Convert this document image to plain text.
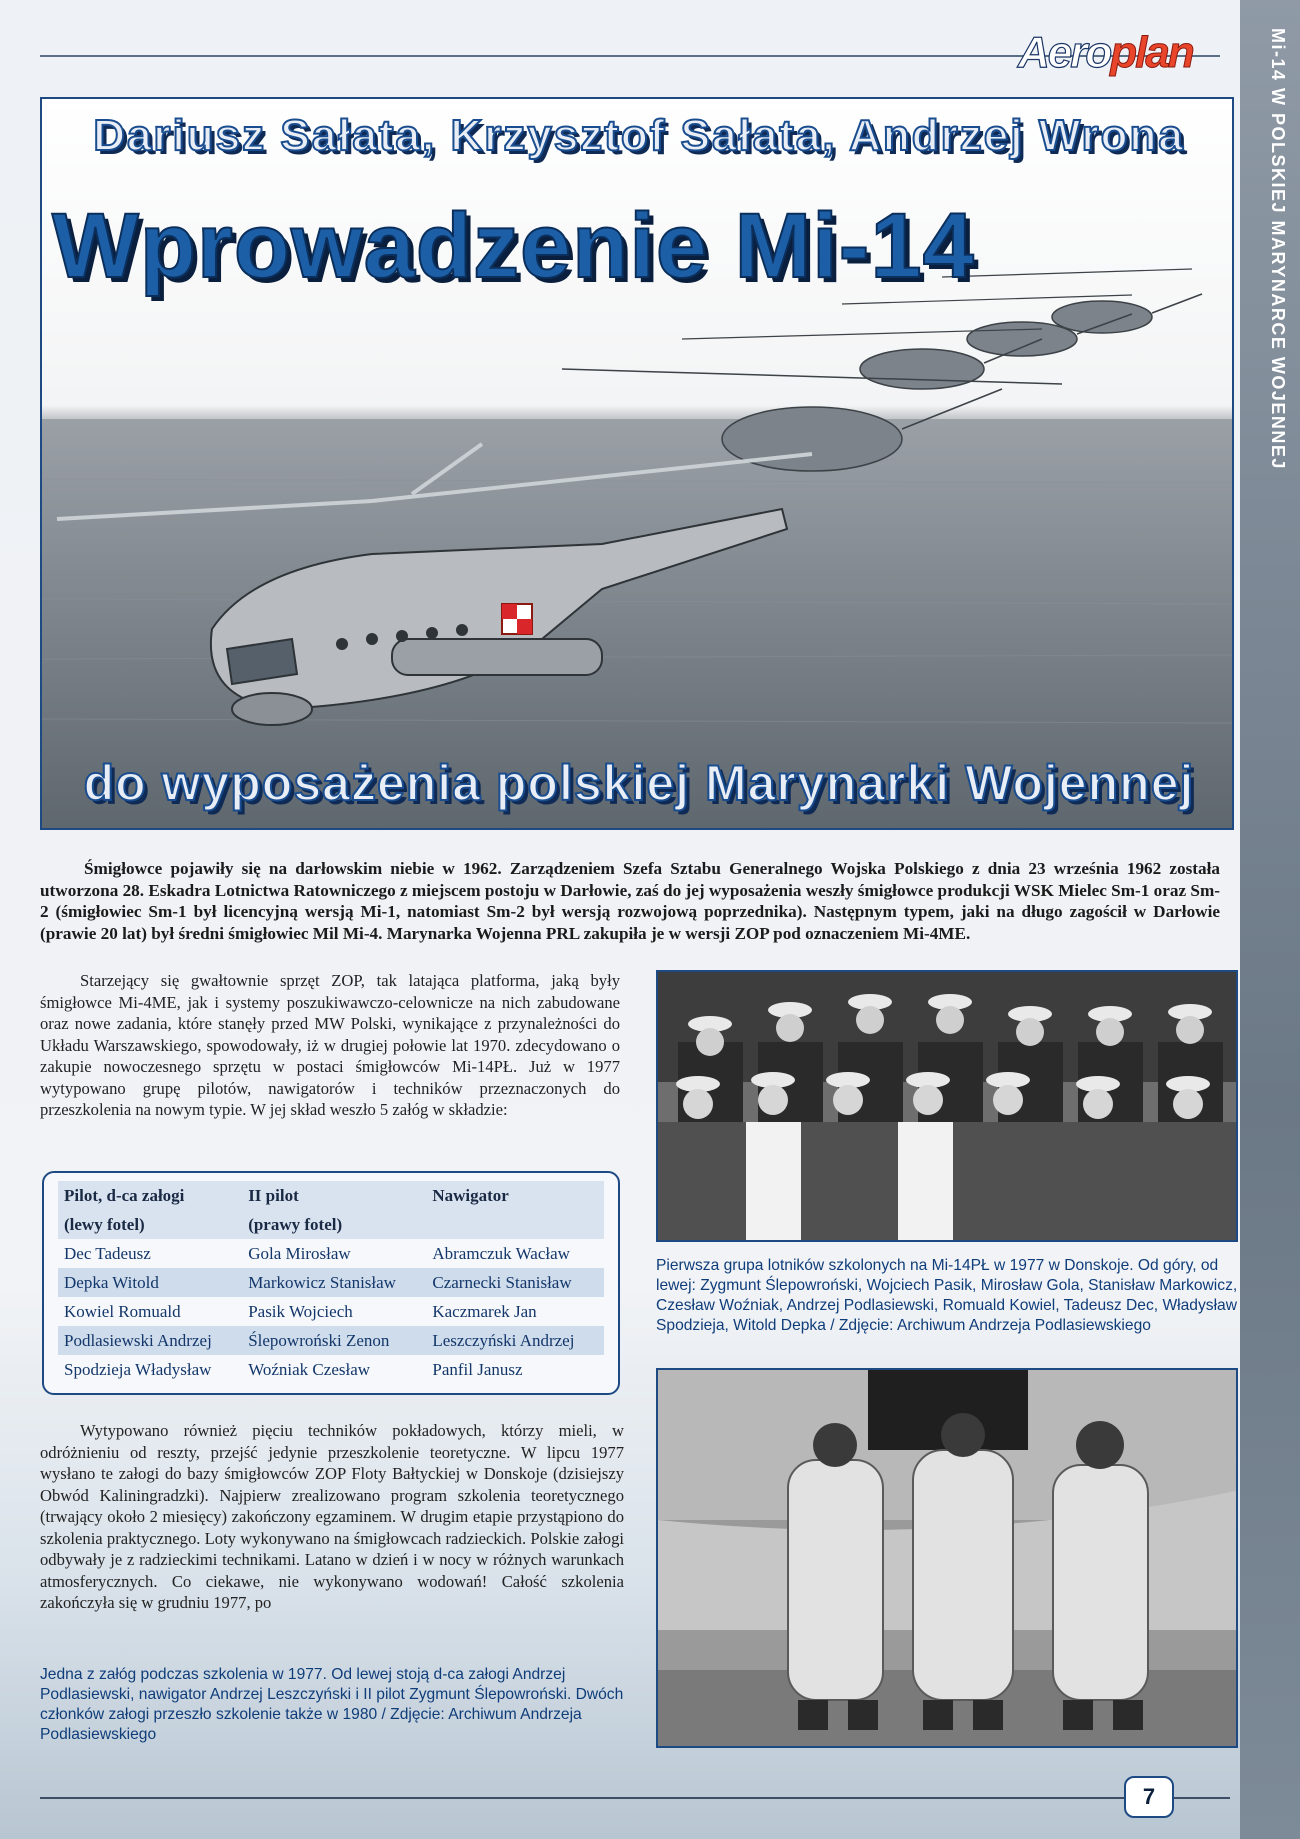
Aeroplan	Mi-14 W POLSKIEJ MARYNARCE WOJENNEJ
Dariusz Sałata, Krzysztof Sałata, Andrzej Wrona
Wprowadzenie Mi-14
do wyposażenia polskiej Marynarki Wojennej

Śmigłowce pojawiły się na darłowskim niebie w 1962. Zarządzeniem Szefa Sztabu Generalnego Wojska Polskiego z dnia 23 września 1962 została utworzona 28. Eskadra Lotnictwa Ratowniczego z miejscem postoju w Darłowie, zaś do jej wyposażenia weszły śmigłowce produkcji WSK Mielec Sm-1 oraz Sm-2 (śmigłowiec Sm-1 był licencyjną wersją Mi-1, natomiast Sm-2 był wersją rozwojową poprzednika). Następnym typem, jaki na długo zagościł w Darłowie (prawie 20 lat) był średni śmigłowiec Mil Mi-4. Marynarka Wojenna PRL zakupiła je w wersji ZOP pod oznaczeniem Mi-4ME.

Starzejący się gwałtownie sprzęt ZOP, tak latająca platforma, jaką były śmigłowce Mi-4ME, jak i systemy poszukiwawczo-celownicze na nich zabudowane oraz nowe zadania, które stanęły przed MW Polski, wynikające z przynależności do Układu Warszawskiego, spowodowały, iż w drugiej połowie lat 1970. zdecydowano o zakupie nowoczesnego sprzętu w postaci śmigłowców Mi-14PŁ. Już w 1977 wytypowano grupę pilotów, nawigatorów i techników przeznaczonych do przeszkolenia na nowym typie. W jej skład weszło 5 załóg w składzie:

Pilot, d-ca załogi	II pilot	Nawigator
(lewy fotel)	(prawy fotel)	
Dec Tadeusz	Gola Mirosław	Abramczuk Wacław
Depka Witold	Markowicz Stanisław	Czarnecki Stanisław
Kowiel Romuald	Pasik Wojciech	Kaczmarek Jan
Podlasiewski Andrzej	Ślepowroński Zenon	Leszczyński Andrzej
Spodzieja Władysław	Woźniak Czesław	Panfil Janusz

Wytypowano również pięciu techników pokładowych, którzy mieli, w odróżnieniu od reszty, przejść jedynie przeszkolenie teoretyczne. W lipcu 1977 wysłano te załogi do bazy śmigłowców ZOP Floty Bałtyckiej w Donskoje (dzisiejszy Obwód Kaliningradzki). Najpierw zrealizowano program szkolenia teoretycznego (trwający około 2 miesięcy) zakończony egzaminem. W drugim etapie przystąpiono do szkolenia praktycznego. Loty wykonywano na śmigłowcach radzieckich. Polskie załogi odbywały je z radzieckimi technikami. Latano w dzień i w nocy w różnych warunkach atmosferycznych. Co ciekawe, nie wykonywano wodowań! Całość szkolenia zakończyła się w grudniu 1977, po

Pierwsza grupa lotników szkolonych na Mi-14PŁ w 1977 w Donskoje. Od góry, od lewej: Zygmunt Ślepowroński, Wojciech Pasik, Mirosław Gola, Stanisław Markowicz, Czesław Woźniak, Andrzej Podlasiewski, Romuald Kowiel, Tadeusz Dec, Władysław Spodzieja, Witold Depka / Zdjęcie: Archiwum Andrzeja Podlasiewskiego
Jedna z załóg podczas szkolenia w 1977. Od lewej stoją d-ca załogi Andrzej Podlasiewski, nawigator Andrzej Leszczyński i II pilot Zygmunt Ślepowroński. Dwóch członków załogi przeszło szkolenie także w 1980 / Zdjęcie: Archiwum Andrzeja Podlasiewskiego
7
